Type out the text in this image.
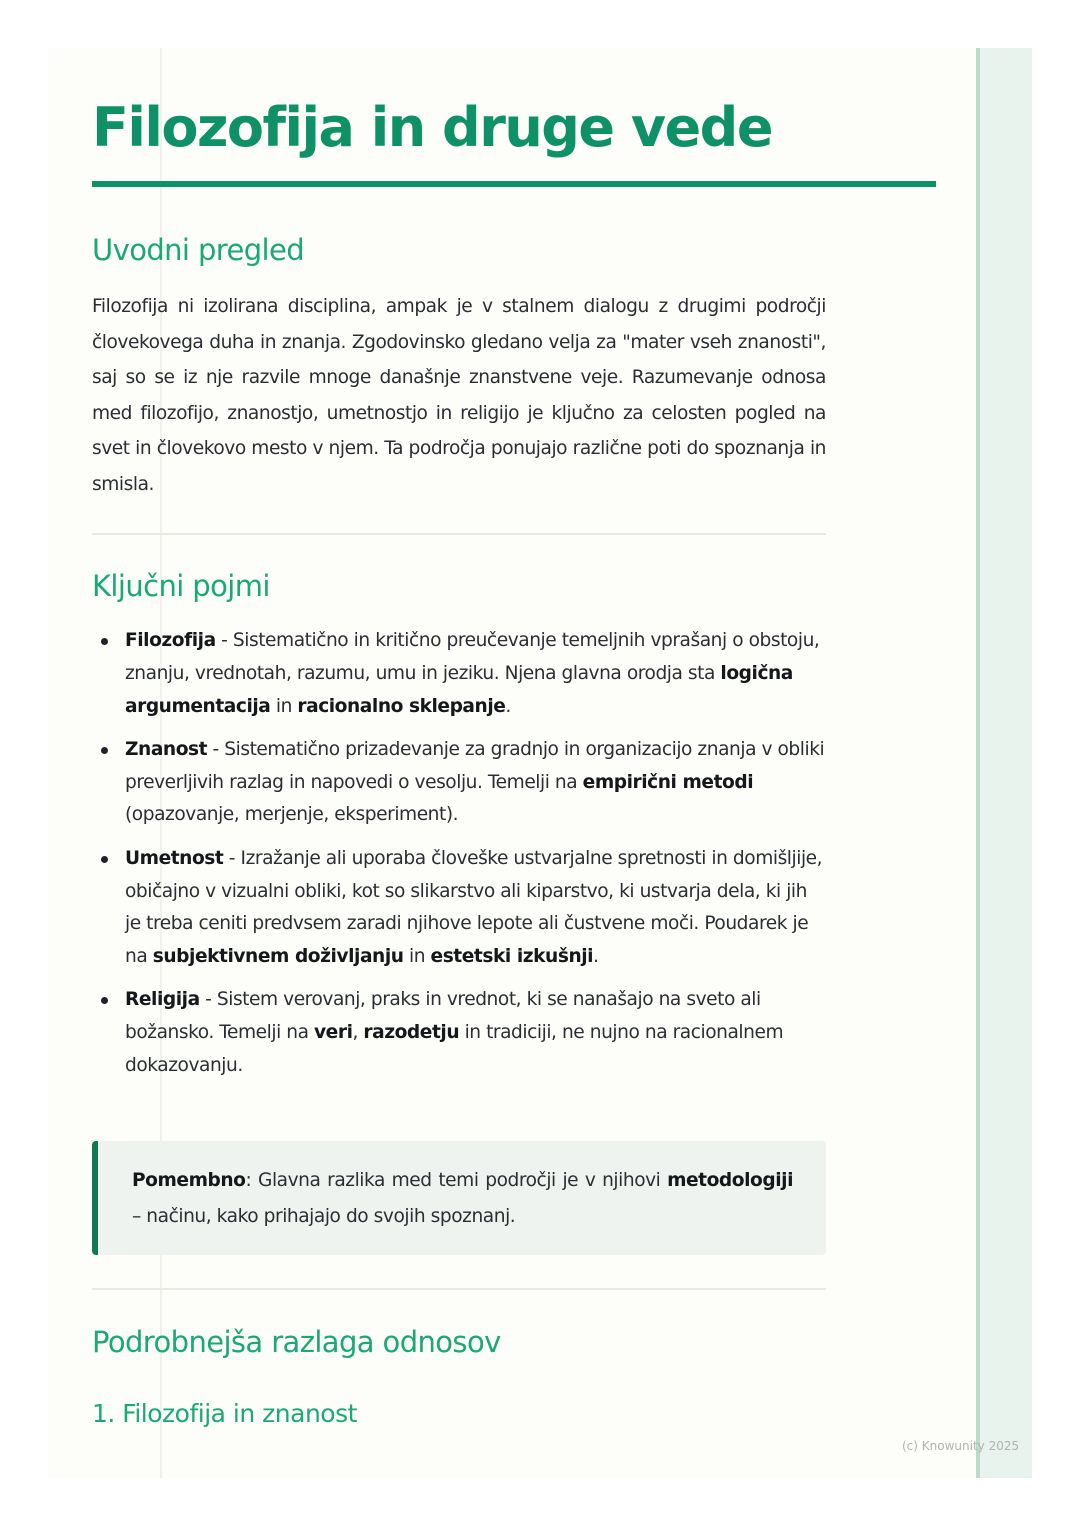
Filozofija in druge vede
Uvodni pregled

Filozofija ni izolirana disciplina, ampak je v stalnem dialogu z drugimi področji človekovega duha in znanja. Zgodovinsko gledano velja za "mater vseh znanosti", saj so se iz nje razvile mnoge današnje znanstvene veje. Razumevanje odnosa med filozofijo, znanostjo, umetnostjo in religijo je ključno za celosten pogled na svet in človekovo mesto v njem. Ta področja ponujajo različne poti do spoznanja in smisla.

Ključni pojmi
Filozofija - Sistematično in kritično preučevanje temeljnih vprašanj o obstoju, znanju, vrednotah, razumu, umu in jeziku. Njena glavna orodja sta logična argumentacija in racionalno sklepanje.
Znanost - Sistematično prizadevanje za gradnjo in organizacijo znanja v obliki preverljivih razlag in napovedi o vesolju. Temelji na empirični metodi (opazovanje, merjenje, eksperiment).
Umetnost - Izražanje ali uporaba človeške ustvarjalne spretnosti in domišljije, običajno v vizualni obliki, kot so slikarstvo ali kiparstvo, ki ustvarja dela, ki jih je treba ceniti predvsem zaradi njihove lepote ali čustvene moči. Poudarek je na subjektivnem doživljanju in estetski izkušnji.
Religija - Sistem verovanj, praks in vrednot, ki se nanašajo na sveto ali božansko. Temelji na veri, razodetju in tradiciji, ne nujno na racionalnem dokazovanju.

Pomembno: Glavna razlika med temi področji je v njihovi metodologiji – načinu, kako prihajajo do svojih spoznanj.

Podrobnejša razlaga odnosov
1. Filozofija in znanost
(c) Knowunity 2025
